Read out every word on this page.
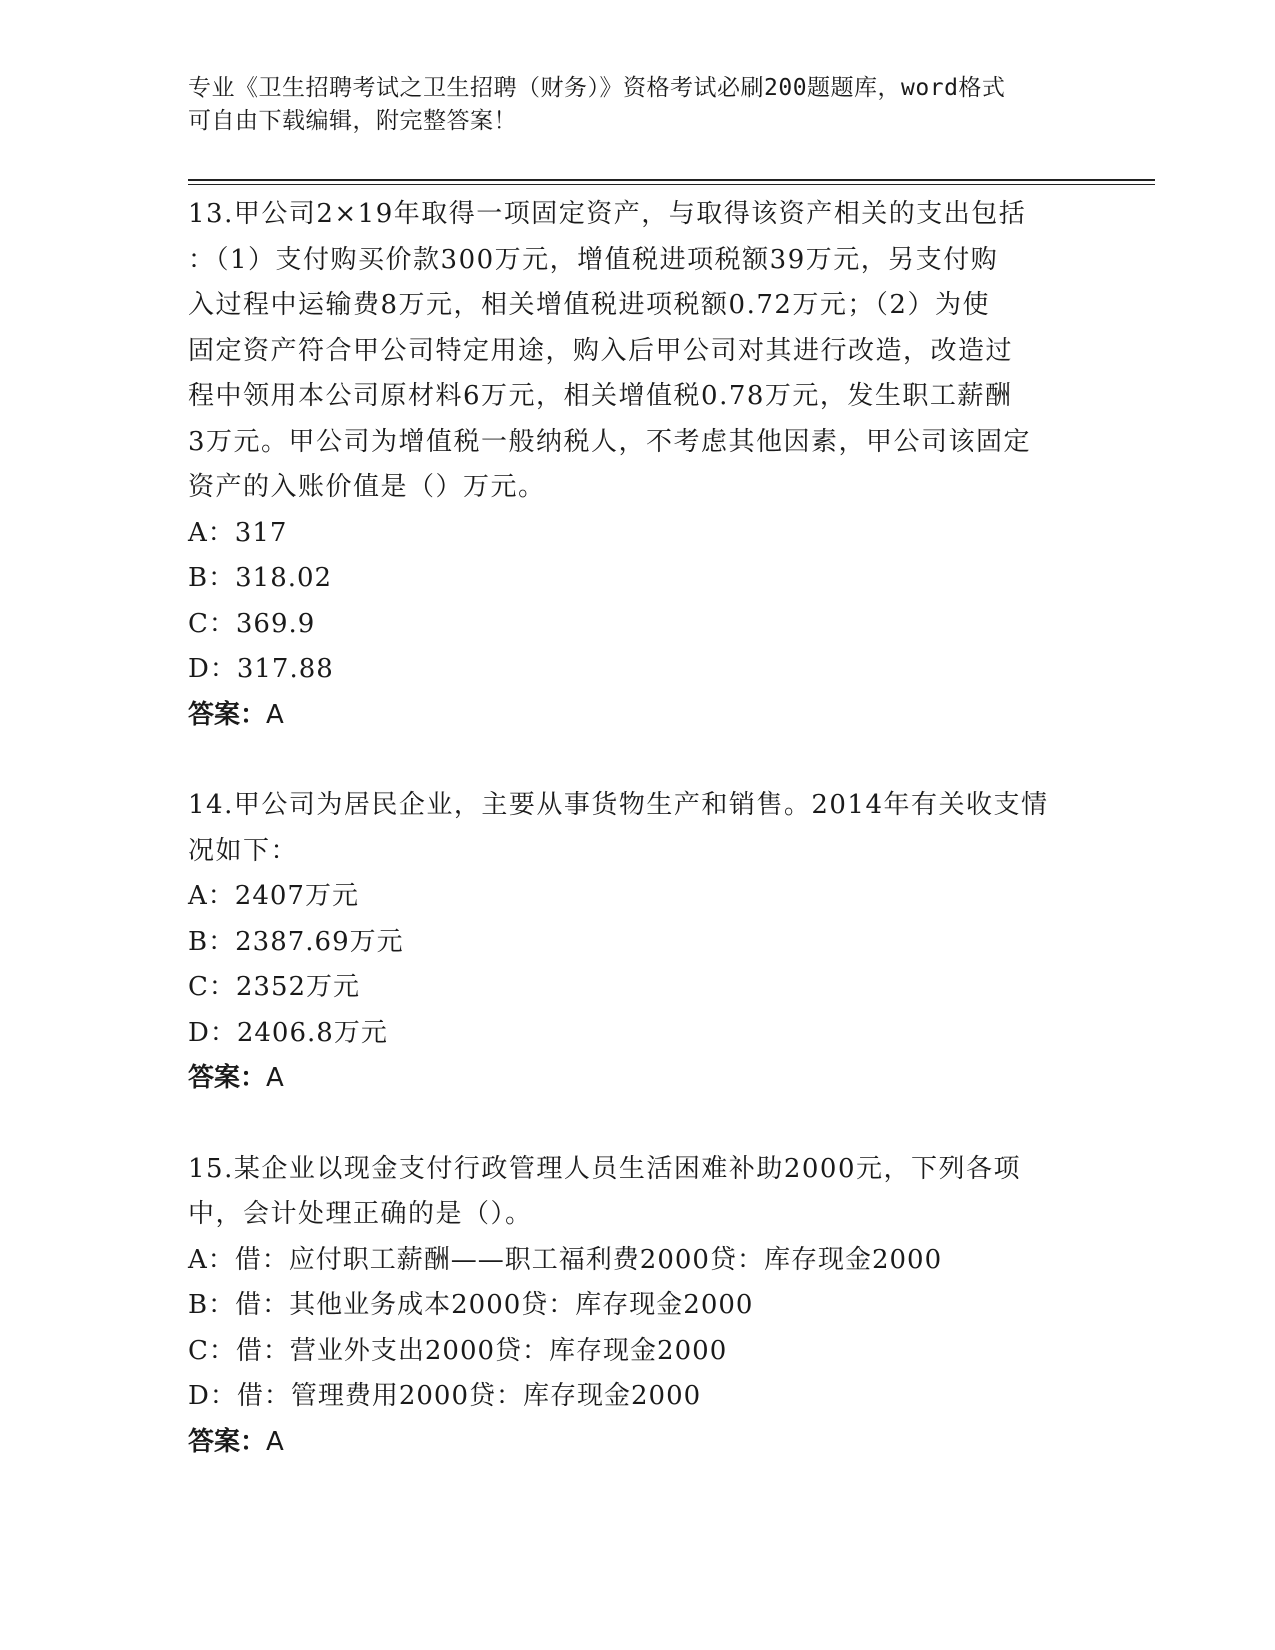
专业《卫生招聘考试之卫生招聘（财务）》资格考试必刷200题题库，word格式
可自由下载编辑，附完整答案！
13.甲公司2×19年取得一项固定资产，与取得该资产相关的支出包括
：（1）支付购买价款300万元，增值税进项税额39万元，另支付购
入过程中运输费8万元，相关增值税进项税额0.72万元；（2）为使
固定资产符合甲公司特定用途，购入后甲公司对其进行改造，改造过
程中领用本公司原材料6万元，相关增值税0.78万元，发生职工薪酬
3万元。甲公司为增值税一般纳税人，不考虑其他因素，甲公司该固定
资产的入账价值是（）万元。
A：317
B：318.02
C：369.9
D：317.88
答案：A
14.甲公司为居民企业，主要从事货物生产和销售。2014年有关收支情
况如下：
A：2407万元
B：2387.69万元
C：2352万元
D：2406.8万元
答案：A
15.某企业以现金支付行政管理人员生活困难补助2000元，下列各项
中，会计处理正确的是（）。
A：借：应付职工薪酬——职工福利费2000贷：库存现金2000
B：借：其他业务成本2000贷：库存现金2000
C：借：营业外支出2000贷：库存现金2000
D：借：管理费用2000贷：库存现金2000
答案：A
